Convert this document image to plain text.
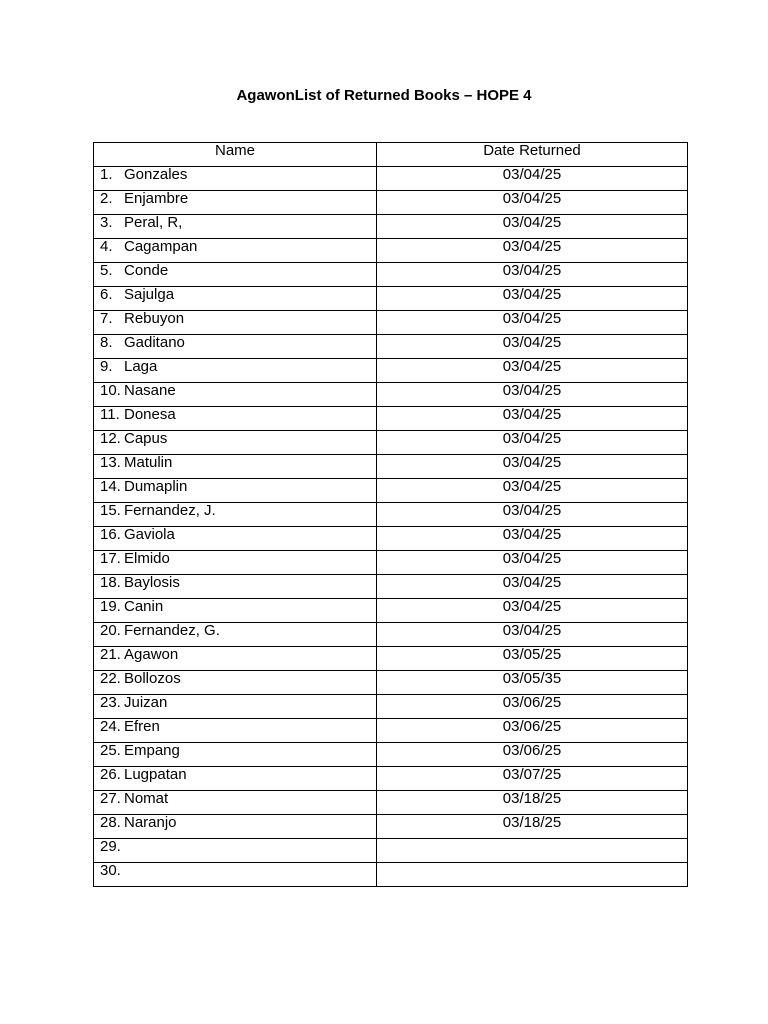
AgawonList of Returned Books – HOPE 4
Name	Date Returned
1. Gonzales	03/04/25
2. Enjambre	03/04/25
3. Peral, R,	03/04/25
4. Cagampan	03/04/25
5. Conde	03/04/25
6. Sajulga	03/04/25
7. Rebuyon	03/04/25
8. Gaditano	03/04/25
9. Laga	03/04/25
10. Nasane	03/04/25
11. Donesa	03/04/25
12. Capus	03/04/25
13. Matulin	03/04/25
14. Dumaplin	03/04/25
15. Fernandez, J.	03/04/25
16. Gaviola	03/04/25
17. Elmido	03/04/25
18. Baylosis	03/04/25
19. Canin	03/04/25
20. Fernandez, G.	03/04/25
21. Agawon	03/05/25
22. Bollozos	03/05/35
23. Juizan	03/06/25
24. Efren	03/06/25
25. Empang	03/06/25
26. Lugpatan	03/07/25
27. Nomat	03/18/25
28. Naranjo	03/18/25
29.	
30.	
